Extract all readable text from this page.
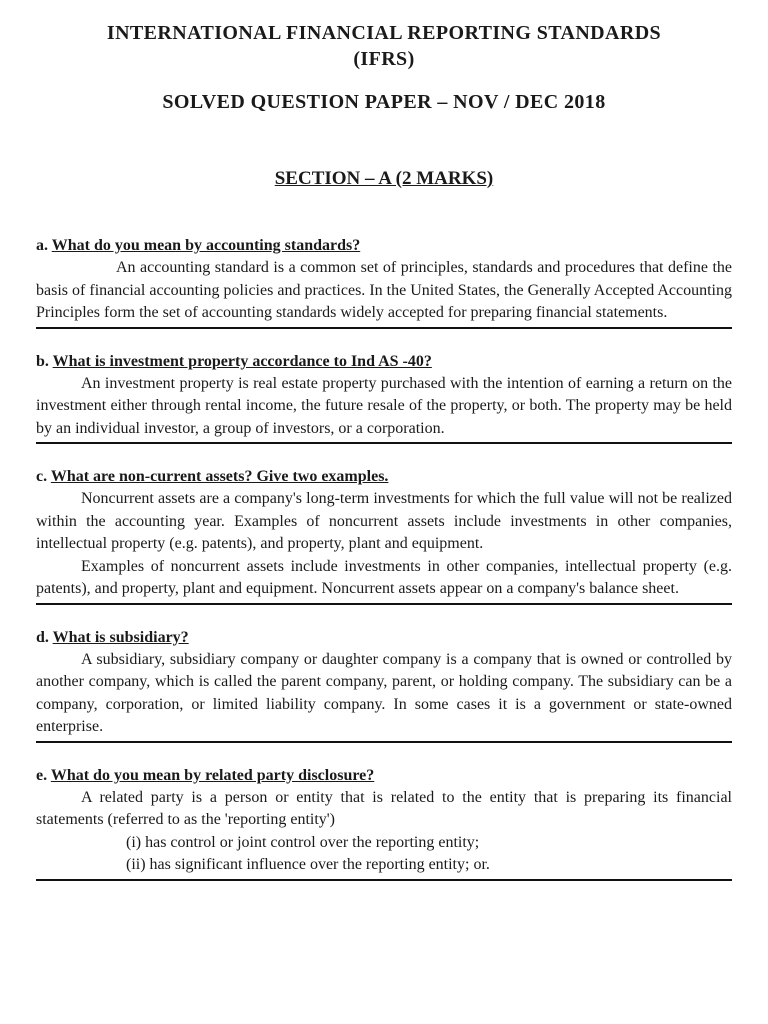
INTERNATIONAL FINANCIAL REPORTING STANDARDS

(IFRS)

SOLVED QUESTION PAPER – NOV / DEC 2018

SECTION – A (2 MARKS)

a. What do you mean by accounting standards?

An accounting standard is a common set of principles, standards and procedures that define the basis of financial accounting policies and practices. In the United States, the Generally Accepted Accounting Principles form the set of accounting standards widely accepted for preparing financial statements.

b. What is investment property accordance to Ind AS -40?

An investment property is real estate property purchased with the intention of earning a return on the investment either through rental income, the future resale of the property, or both. The property may be held by an individual investor, a group of investors, or a corporation.

c. What are non-current assets? Give two examples.

Noncurrent assets are a company's long-term investments for which the full value will not be realized within the accounting year. Examples of noncurrent assets include investments in other companies, intellectual property (e.g. patents), and property, plant and equipment.

Examples of noncurrent assets include investments in other companies, intellectual property (e.g. patents), and property, plant and equipment. Noncurrent assets appear on a company's balance sheet.

d. What is subsidiary?

A subsidiary, subsidiary company or daughter company is a company that is owned or controlled by another company, which is called the parent company, parent, or holding company. The subsidiary can be a company, corporation, or limited liability company. In some cases it is a government or state-owned enterprise.

e. What do you mean by related party disclosure?

A related party is a person or entity that is related to the entity that is preparing its financial statements (referred to as the 'reporting entity')

(i) has control or joint control over the reporting entity;

(ii) has significant influence over the reporting entity; or.
